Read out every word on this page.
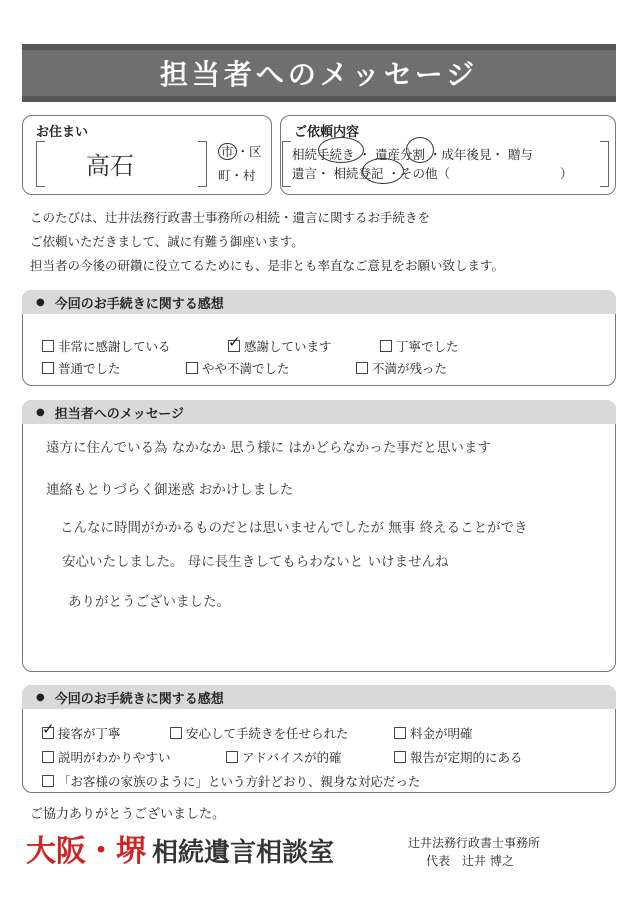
担当者へのメッセージ
お住まい
高石
市 ・区
町・村
ご依頼内容
相続手続き ・ 遺産分割 ・成年後見・ 贈与
遺言・ 相続登記 ・その他（	）
このたびは、辻井法務行政書士事務所の相続・遺言に関するお手続きを
ご依頼いただきまして、誠に有難う御座います。
担当者の今後の研鑽に役立てるためにも、是非とも率直なご意見をお願い致します。
● 今回のお手続きに関する感想
非常に感謝している ✓	感謝しています	丁寧でした
普通でした	やや不満でした	不満が残った
● 担当者へのメッセージ
遠方に住んでいる為 なかなか 思う様に はかどらなかった事だと思います
連絡もとりづらく御迷惑 おかけしました
こんなに時間がかかるものだとは思いませんでしたが 無事 終えることができ
安心いたしました。 母に長生きしてもらわないと いけませんね
ありがとうございました。
● 今回のお手続きに関する感想
✓接客が丁寧	安心して手続きを任せられた	料金が明確
説明がわかりやすい	アドバイスが的確	報告が定期的にある
「お客様の家族のように」という方針どおり、親身な対応だった
ご協力ありがとうございました。
大阪・堺 相続遺言相談室	辻井法務行政書士事務所
代表　辻井 博之
